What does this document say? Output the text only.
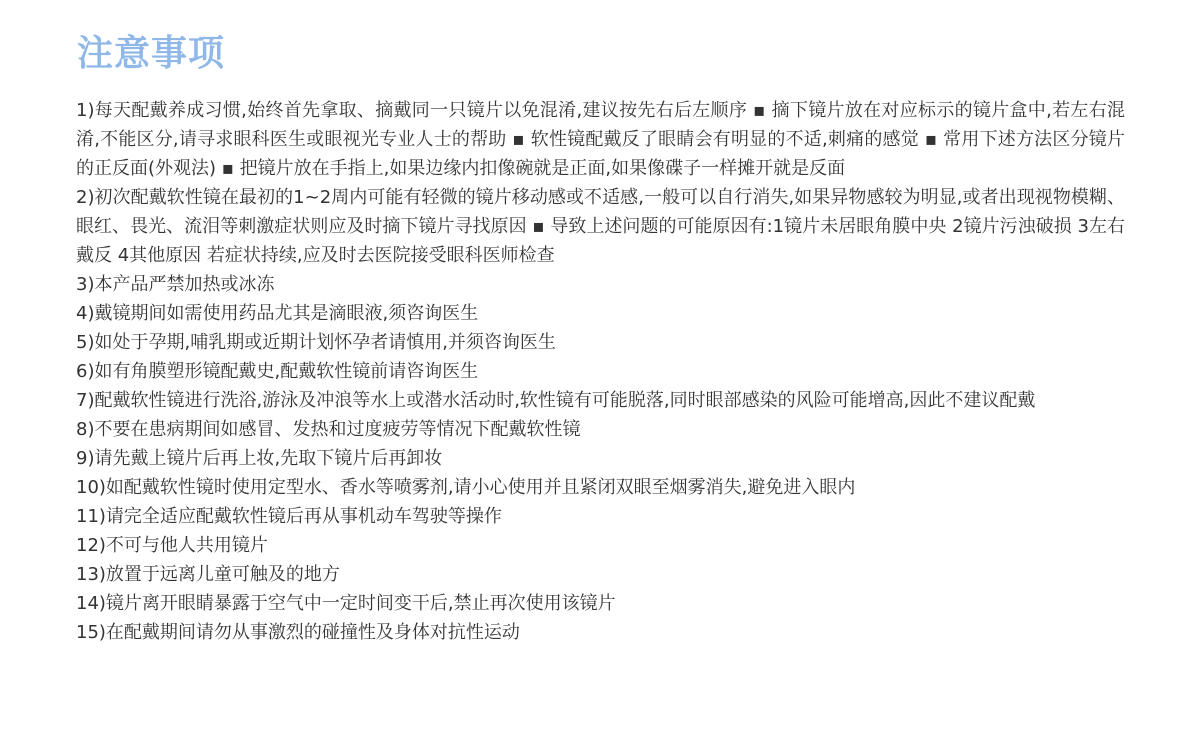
注意事项
1)每天配戴养成习惯,始终首先拿取、摘戴同一只镜片以免混淆,建议按先右后左顺序 ▪ 摘下镜片放在对应标示的镜片盒中,若左右混淆,不能区分,请寻求眼科医生或眼视光专业人士的帮助 ▪ 软性镜配戴反了眼睛会有明显的不适,刺痛的感觉 ▪ 常用下述方法区分镜片的正反面(外观法) ▪ 把镜片放在手指上,如果边缘内扣像碗就是正面,如果像碟子一样摊开就是反面
2)初次配戴软性镜在最初的1~2周内可能有轻微的镜片移动感或不适感,一般可以自行消失,如果异物感较为明显,或者出现视物模糊、眼红、畏光、流泪等刺激症状则应及时摘下镜片寻找原因 ▪ 导致上述问题的可能原因有:1镜片未居眼角膜中央 2镜片污浊破损 3左右戴反 4其他原因 若症状持续,应及时去医院接受眼科医师检查
3)本产品严禁加热或冰冻
4)戴镜期间如需使用药品尤其是滴眼液,须咨询医生
5)如处于孕期,哺乳期或近期计划怀孕者请慎用,并须咨询医生
6)如有角膜塑形镜配戴史,配戴软性镜前请咨询医生
7)配戴软性镜进行洗浴,游泳及冲浪等水上或潜水活动时,软性镜有可能脱落,同时眼部感染的风险可能增高,因此不建议配戴
8)不要在患病期间如感冒、发热和过度疲劳等情况下配戴软性镜
9)请先戴上镜片后再上妆,先取下镜片后再卸妆
10)如配戴软性镜时使用定型水、香水等喷雾剂,请小心使用并且紧闭双眼至烟雾消失,避免进入眼内
11)请完全适应配戴软性镜后再从事机动车驾驶等操作
12)不可与他人共用镜片
13)放置于远离儿童可触及的地方
14)镜片离开眼睛暴露于空气中一定时间变干后,禁止再次使用该镜片
15)在配戴期间请勿从事激烈的碰撞性及身体对抗性运动
